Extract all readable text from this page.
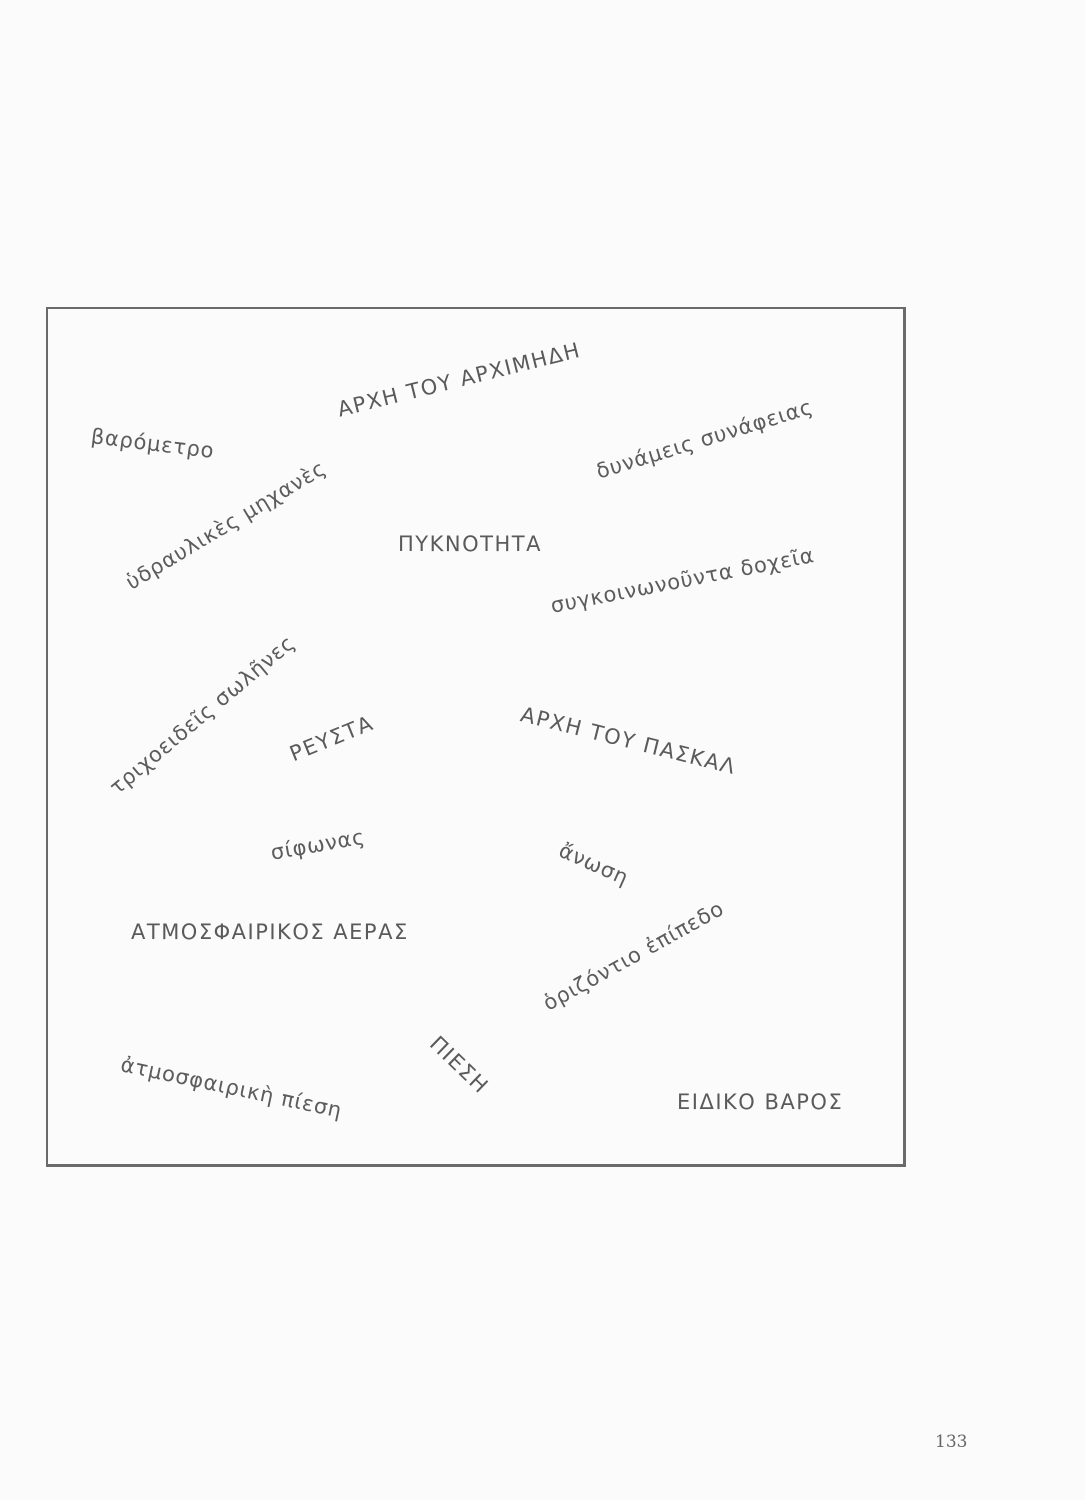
βαρόμετρο
ΑΡΧΗ ΤΟΥ ΑΡΧΙΜΗΔΗ
δυνάμεις συνάφειας
ὑδραυλικὲς μηχανὲς	ΠΥΚΝΟΤΗΤΑ συγκοινωνοῦντα δοχεῖα
τριχοειδεῖς σωλῆνες
ΡΕΥΣΤΑ	ΑΡΧΗ ΤΟΥ ΠΑΣΚΑΛ
σίφωνας	ἄνωση
ΑΤΜΟΣΦΑΙΡΙΚΟΣ ΑΕΡΑΣ	ὁριζόντιο ἐπίπεδο
ΠΙΕΣΗ
ἀτμοσφαιρικὴ πίεση	ΕΙΔΙΚΟ ΒΑΡΟΣ
133
